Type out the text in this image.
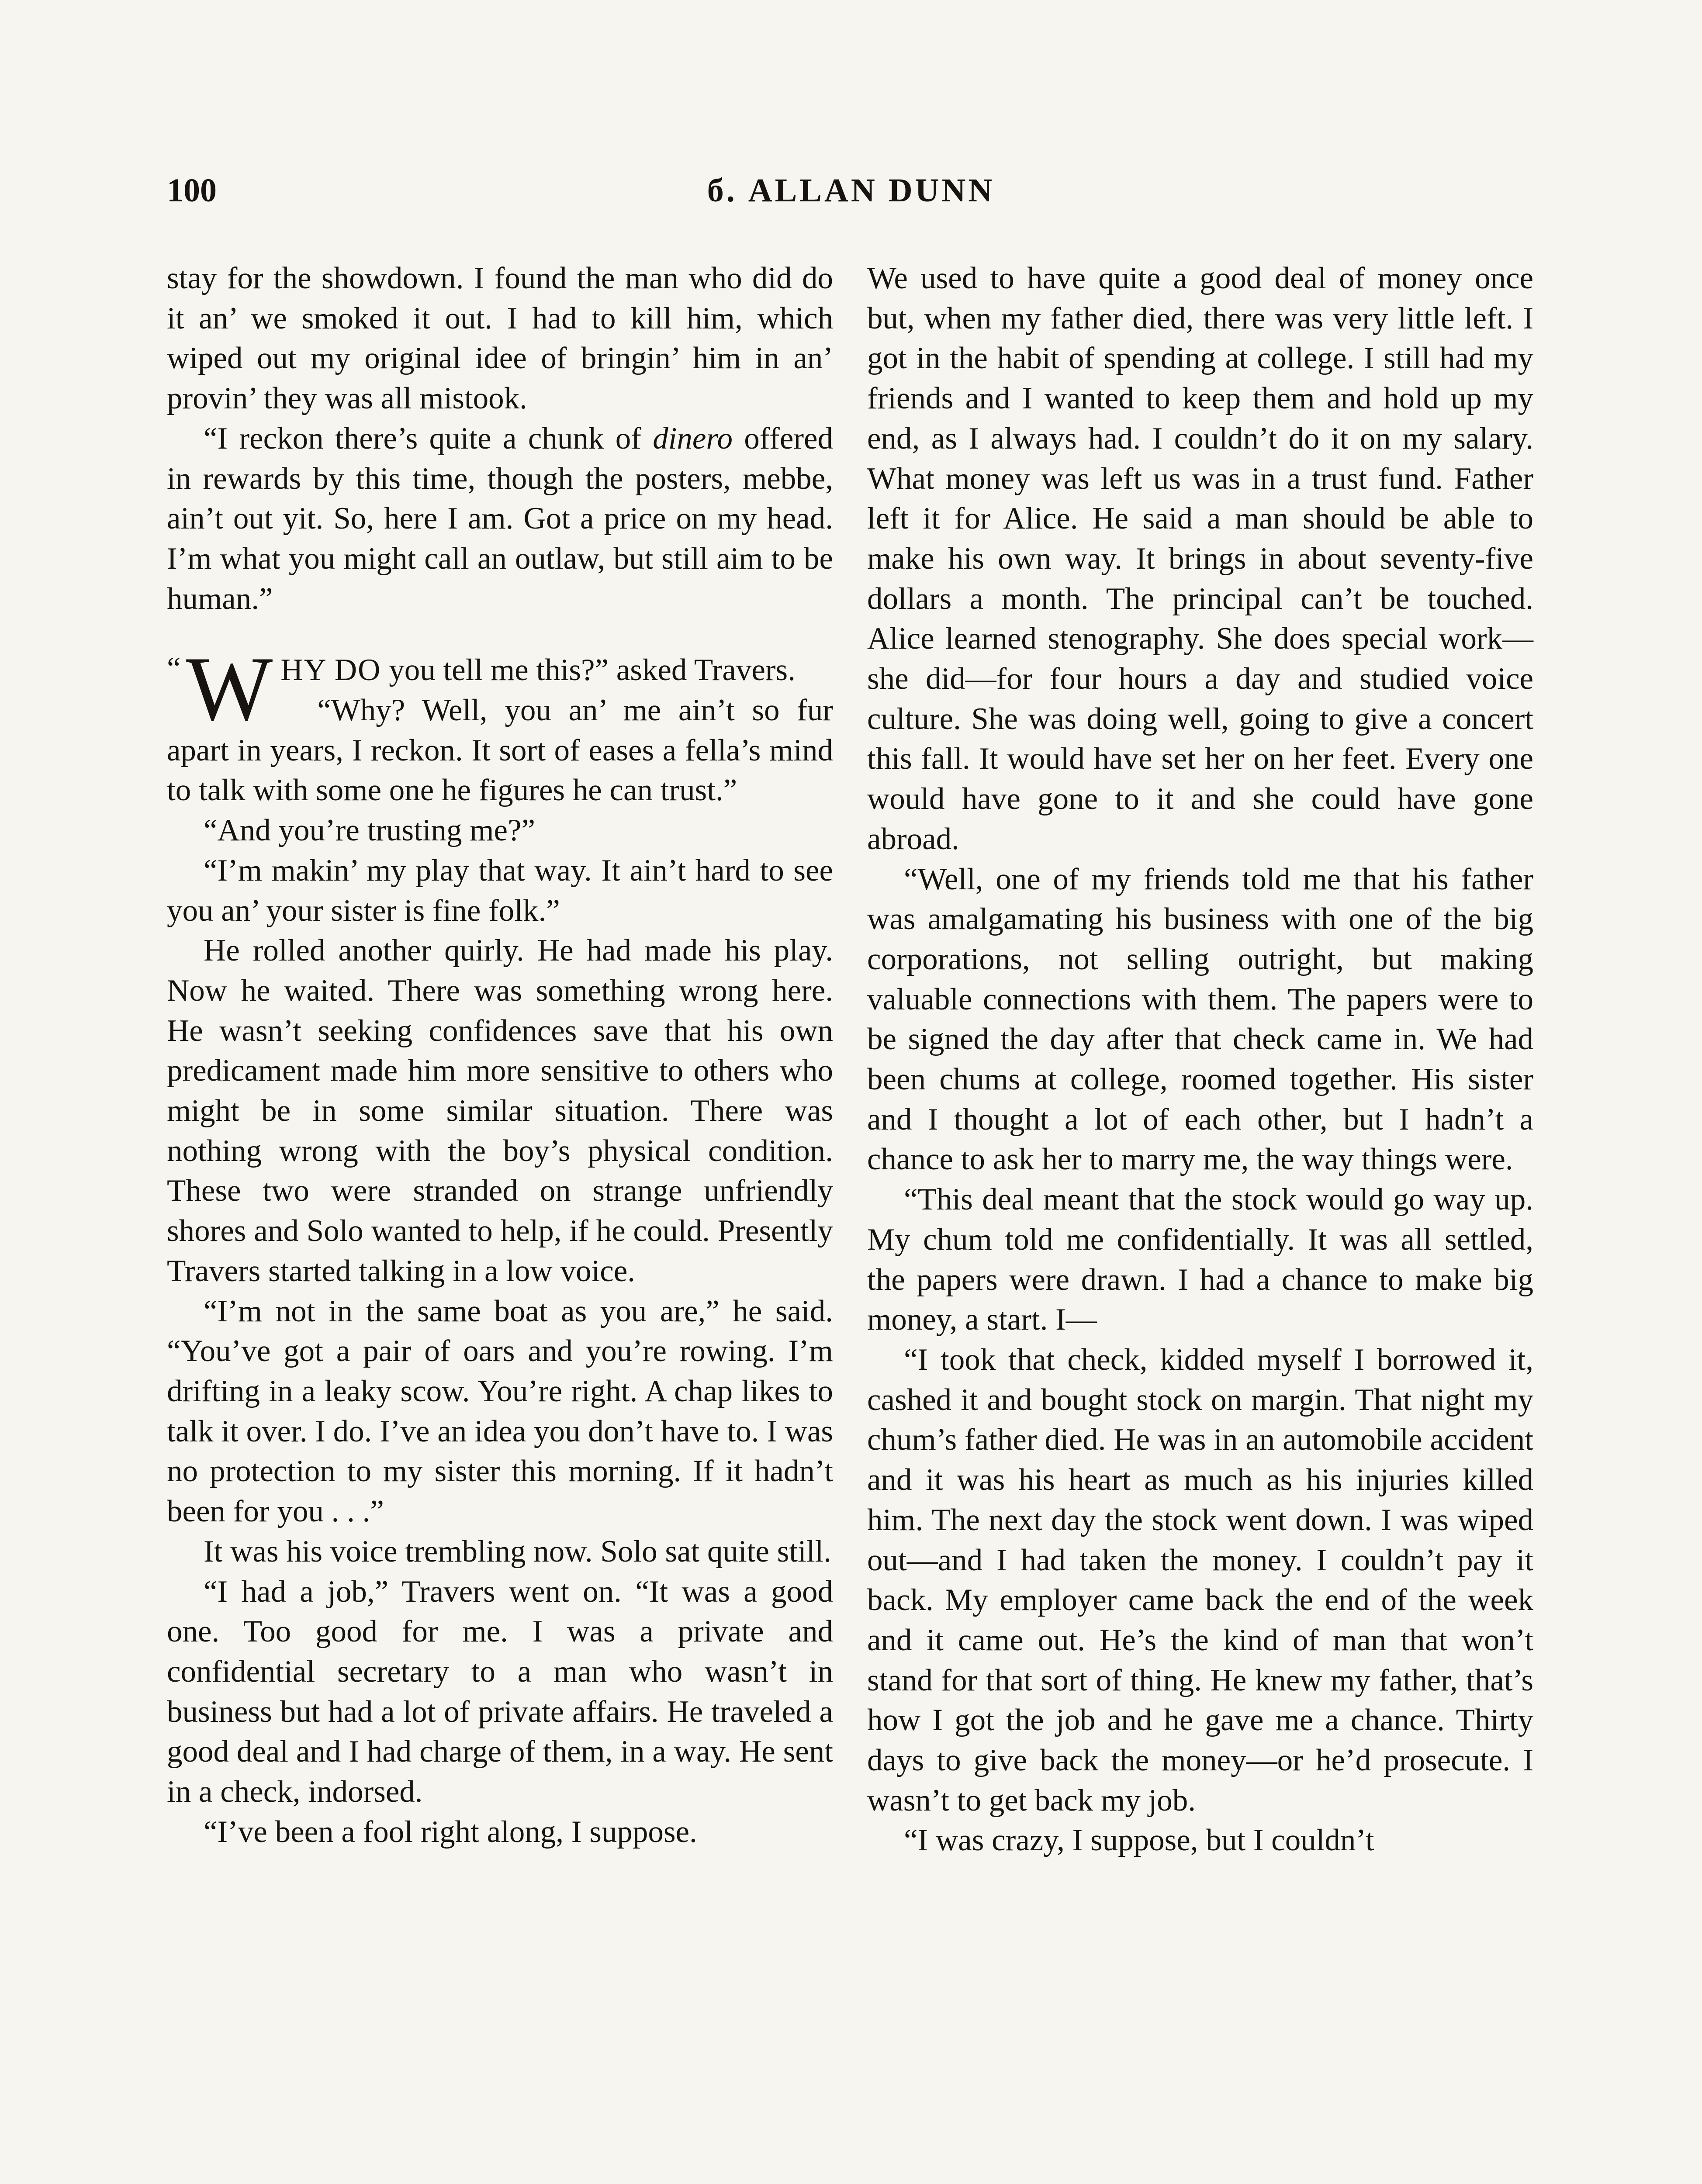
100	б. ALLAN DUNN

stay for the showdown. I found the man who did do it an’ we smoked it out. I had to kill him, which wiped out my original idee of bringin’ him in an’ provin’ they was all mistook.

“I reckon there’s quite a chunk of dinero offered in rewards by this time, though the posters, mebbe, ain’t out yit. So, here I am. Got a price on my head. I’m what you might call an outlaw, but still aim to be human.”

“ W HY DO you tell me this?” asked Travers.

“Why? Well, you an’ me ain’t so fur apart in years, I reckon. It sort of eases a fella’s mind to talk with some one he figures he can trust.”

“And you’re trusting me?”

“I’m makin’ my play that way. It ain’t hard to see you an’ your sister is fine folk.”

He rolled another quirly. He had made his play. Now he waited. There was something wrong here. He wasn’t seeking confidences save that his own predicament made him more sensitive to others who might be in some similar situation. There was nothing wrong with the boy’s physical condition. These two were stranded on strange unfriendly shores and Solo wanted to help, if he could. Presently Travers started talking in a low voice.

“I’m not in the same boat as you are,” he said. “You’ve got a pair of oars and you’re rowing. I’m drifting in a leaky scow. You’re right. A chap likes to talk it over. I do. I’ve an idea you don’t have to. I was no protection to my sister this morning. If it hadn’t been for you . . .”

It was his voice trembling now. Solo sat quite still.

“I had a job,” Travers went on. “It was a good one. Too good for me. I was a private and confidential secretary to a man who wasn’t in business but had a lot of private affairs. He traveled a good deal and I had charge of them, in a way. He sent in a check, indorsed.

“I’ve been a fool right along, I suppose.

We used to have quite a good deal of money once but, when my father died, there was very little left. I got in the habit of spending at college. I still had my friends and I wanted to keep them and hold up my end, as I always had. I couldn’t do it on my salary. What money was left us was in a trust fund. Father left it for Alice. He said a man should be able to make his own way. It brings in about seventy-five dollars a month. The principal can’t be touched. Alice learned stenography. She does special work—she did—for four hours a day and studied voice culture. She was doing well, going to give a concert this fall. It would have set her on her feet. Every one would have gone to it and she could have gone abroad.

“Well, one of my friends told me that his father was amalgamating his business with one of the big corporations, not selling outright, but making valuable connections with them. The papers were to be signed the day after that check came in. We had been chums at college, roomed together. His sister and I thought a lot of each other, but I hadn’t a chance to ask her to marry me, the way things were.

“This deal meant that the stock would go way up. My chum told me confidentially. It was all settled, the papers were drawn. I had a chance to make big money, a start. I—

“I took that check, kidded myself I borrowed it, cashed it and bought stock on margin. That night my chum’s father died. He was in an automobile accident and it was his heart as much as his injuries killed him. The next day the stock went down. I was wiped out—and I had taken the money. I couldn’t pay it back. My employer came back the end of the week and it came out. He’s the kind of man that won’t stand for that sort of thing. He knew my father, that’s how I got the job and he gave me a chance. Thirty days to give back the money—or he’d prosecute. I wasn’t to get back my job.

“I was crazy, I suppose, but I couldn’t
